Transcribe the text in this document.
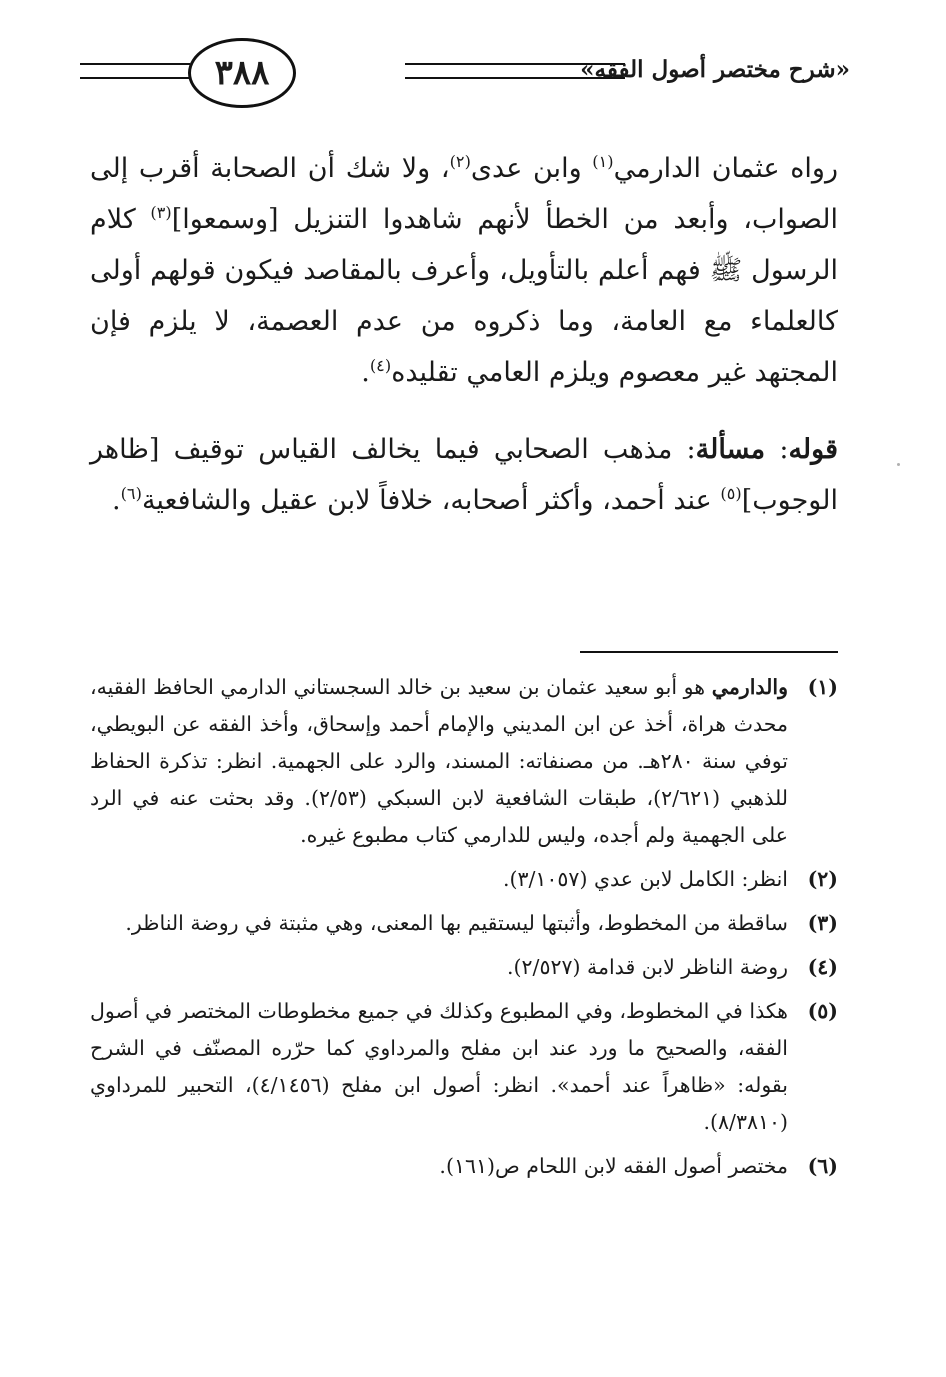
٣٨٨	«شرح مختصر أصول الفقه»

رواه عثمان الدارمي$^{(١)}$ وابن عدى$^{(٢)}$، ولا شك أن الصحابة أقرب إلى الصواب، وأبعد من الخطأ لأنهم شاهدوا التنزيل [وسمعوا]$^{(٣)}$ كلام الرسول ﷺ فهم أعلم بالتأويل، وأعرف بالمقاصد فيكون قولهم أولى كالعلماء مع العامة، وما ذكروه من عدم العصمة، لا يلزم فإن المجتهد غير معصوم ويلزم العامي تقليده$^{(٤)}$.

قوله: مسألة: مذهب الصحابي فيما يخالف القياس توقيف [ظاهر الوجوب]$^{(٥)}$ عند أحمد، وأكثر أصحابه، خلافاً لابن عقيل والشافعية$^{(٦)}$.

(١)
والدارمي هو أبو سعيد عثمان بن سعيد بن خالد السجستاني الدارمي الحافظ الفقيه، محدث هراة، أخذ عن ابن المديني والإمام أحمد وإسحاق، وأخذ الفقه عن البويطي، توفي سنة ٢٨٠هـ. من مصنفاته: المسند، والرد على الجهمية. انظر: تذكرة الحفاظ للذهبي (٢/٦٢١)، طبقات الشافعية لابن السبكي (٢/٥٣). وقد بحثت عنه في الرد على الجهمية ولم أجده، وليس للدارمي كتاب مطبوع غيره.

(٢)
انظر: الكامل لابن عدي (٣/١٠٥٧).

(٣)
ساقطة من المخطوط، وأثبتها ليستقيم بها المعنى، وهي مثبتة في روضة الناظر.

(٤)
روضة الناظر لابن قدامة (٢/٥٢٧).

(٥)
هكذا في المخطوط، وفي المطبوع وكذلك في جميع مخطوطات المختصر في أصول الفقه، والصحيح ما ورد عند ابن مفلح والمرداوي كما حرّره المصنّف في الشرح بقوله: «ظاهراً عند أحمد». انظر: أصول ابن مفلح (٤/١٤٥٦)، التحبير للمرداوي (٨/٣٨١٠).

(٦)
مختصر أصول الفقه لابن اللحام ص(١٦١).
